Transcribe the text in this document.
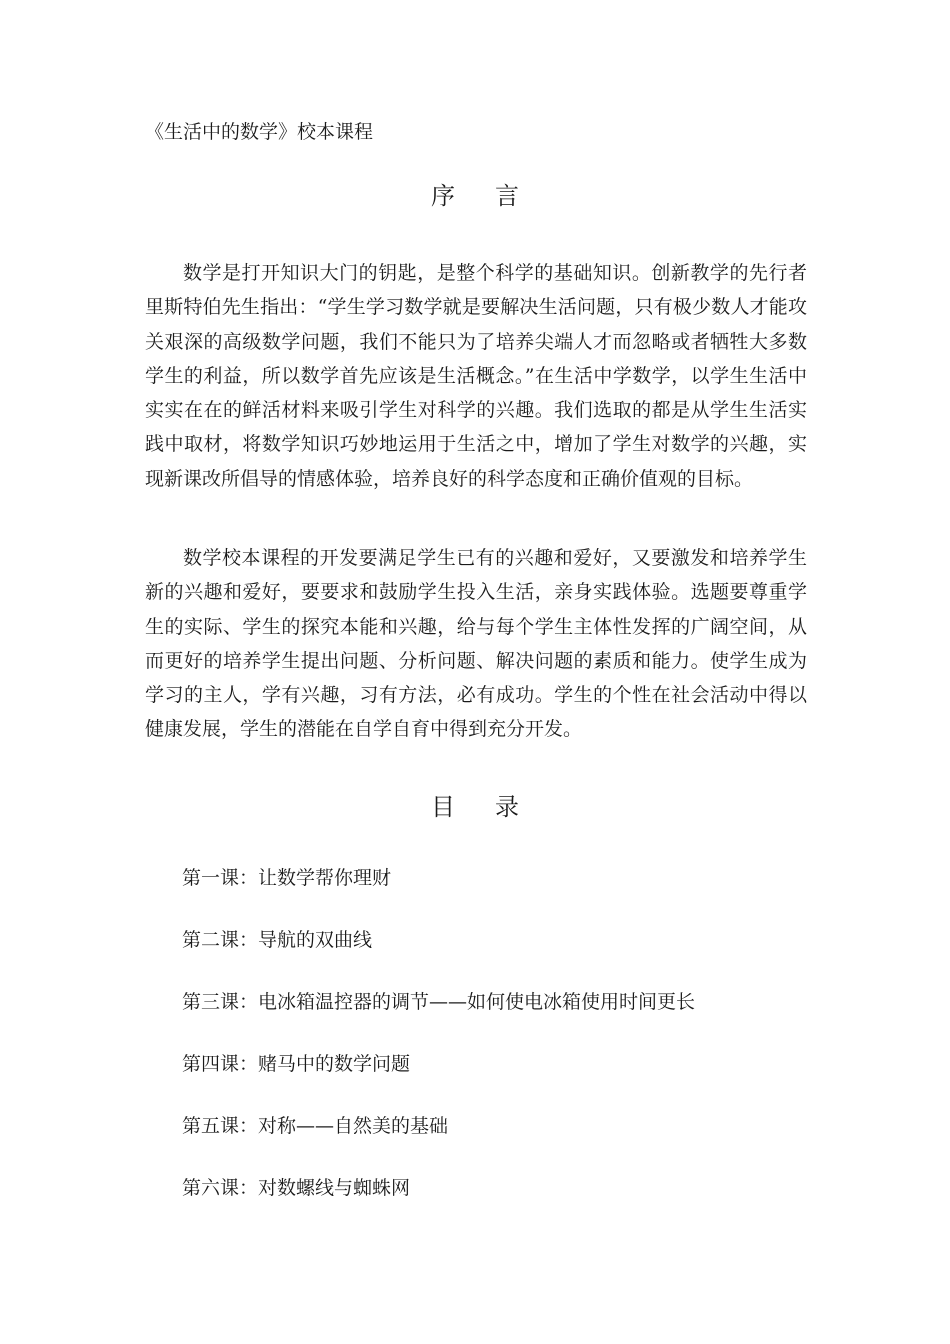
《生活中的数学》校本课程
序 言

数学是打开知识大门的钥匙，是整个科学的基础知识。创新教学的先行者里斯特伯先生指出：“学生学习数学就是要解决生活问题，只有极少数人才能攻关艰深的高级数学问题，我们不能只为了培养尖端人才而忽略或者牺牲大多数学生的利益，所以数学首先应该是生活概念。”在生活中学数学，以学生生活中实实在在的鲜活材料来吸引学生对科学的兴趣。我们选取的都是从学生生活实践中取材，将数学知识巧妙地运用于生活之中，增加了学生对数学的兴趣，实现新课改所倡导的情感体验，培养良好的科学态度和正确价值观的目标。

数学校本课程的开发要满足学生已有的兴趣和爱好，又要激发和培养学生新的兴趣和爱好，要要求和鼓励学生投入生活，亲身实践体验。选题要尊重学生的实际、学生的探究本能和兴趣，给与每个学生主体性发挥的广阔空间，从而更好的培养学生提出问题、分析问题、解决问题的素质和能力。使学生成为学习的主人，学有兴趣，习有方法，必有成功。学生的个性在社会活动中得以健康发展，学生的潜能在自学自育中得到充分开发。

目 录
第一课：让数学帮你理财
第二课：导航的双曲线
第三课：电冰箱温控器的调节——如何使电冰箱使用时间更长
第四课：赌马中的数学问题
第五课：对称——自然美的基础
第六课：对数螺线与蜘蛛网
